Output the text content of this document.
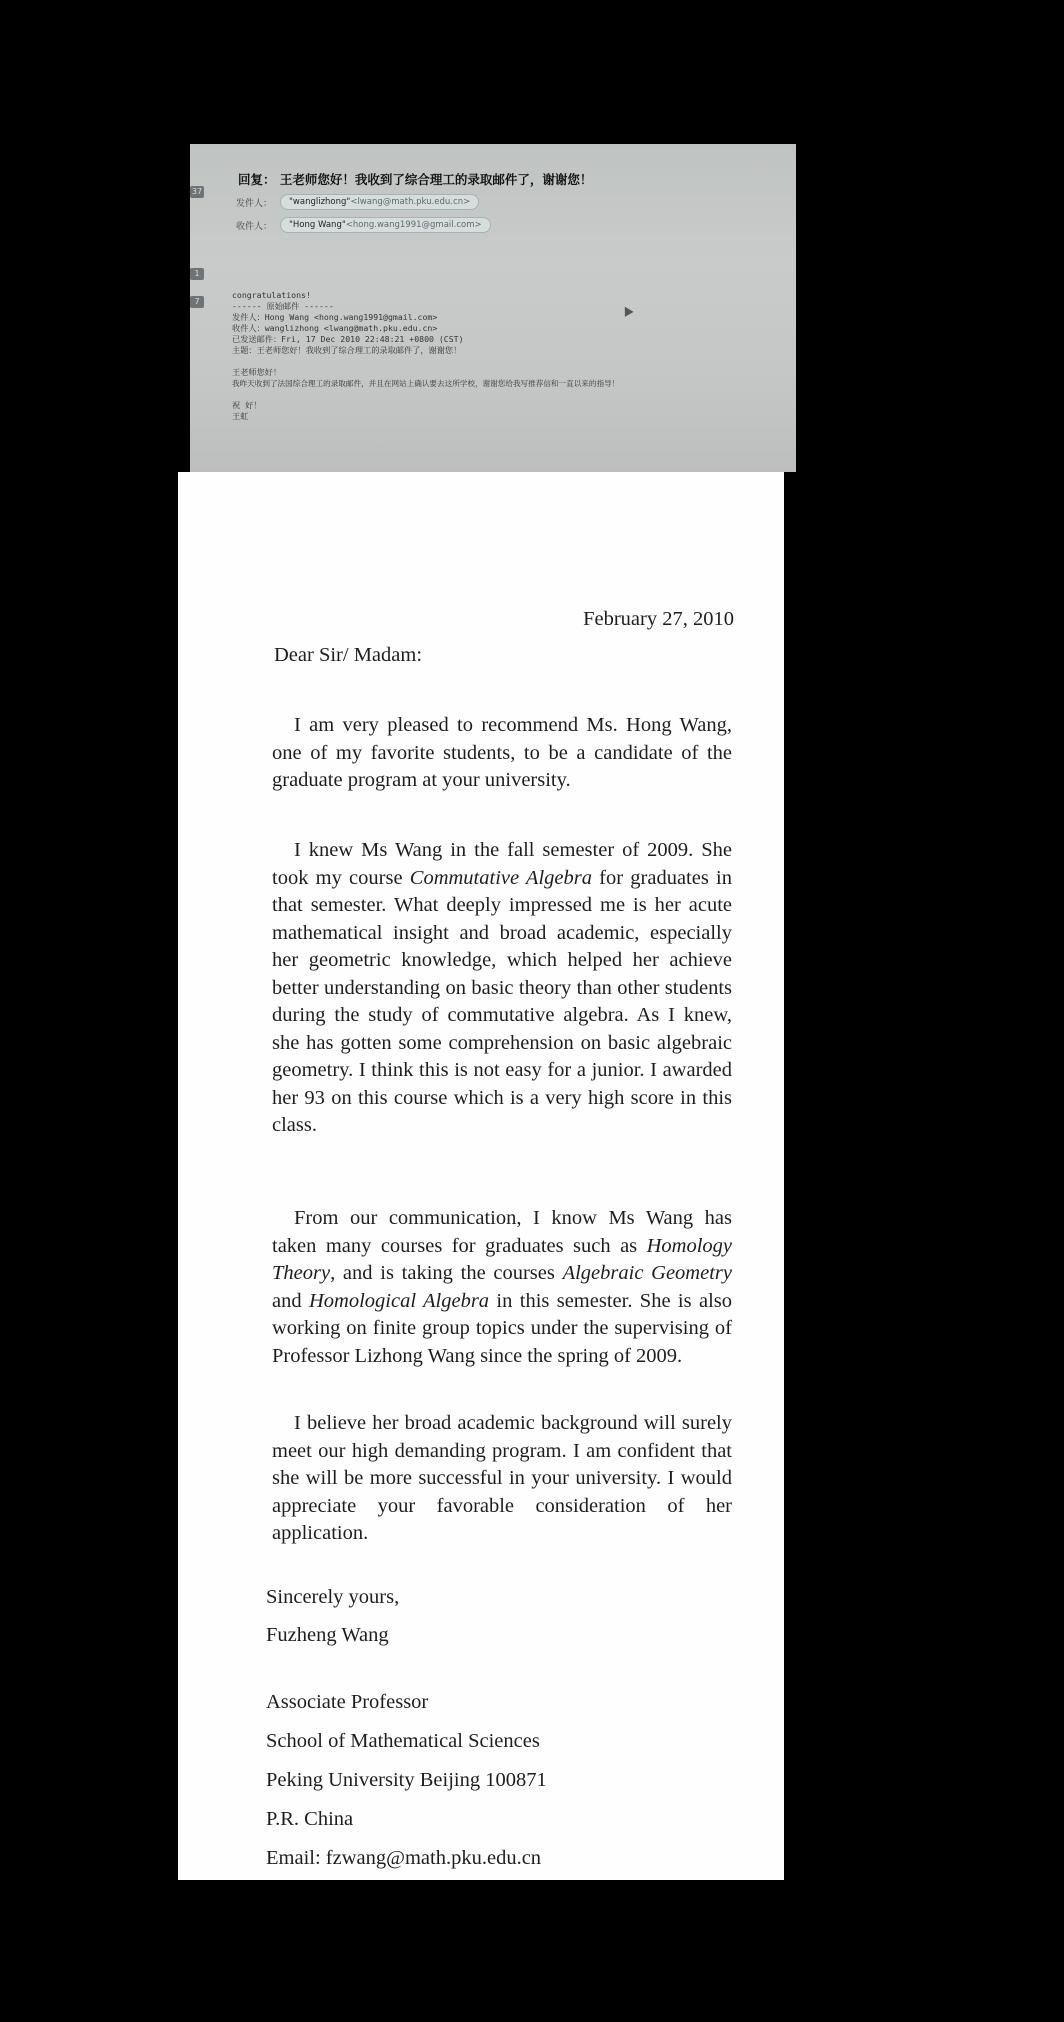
37
1
7
回复： 王老师您好！我收到了综合理工的录取邮件了，谢谢您！
发件人：	"wanglizhong"<lwang@math.pku.edu.cn>
收件人：	"Hong Wang"<hong.wang1991@gmail.com>
congratulations!
------ 原始邮件 ------
发件人：Hong Wang <hong.wang1991@gmail.com>
收件人：wanglizhong <lwang@math.pku.edu.cn>
已发送邮件：Fri, 17 Dec 2010 22:48:21 +0800 (CST)
主题：王老师您好！我收到了综合理工的录取邮件了，谢谢您！

王老师您好！
我昨天收到了法国综合理工的录取邮件，并且在网站上确认要去这所学校，谢谢您给我写推荐信和一直以来的指导！

祝 好！
王虹
February 27, 2010
Dear Sir/ Madam:
I am very pleased to recommend Ms. Hong Wang, one of my favorite students, to be a candidate of the graduate program at your university.
I knew Ms Wang in the fall semester of 2009. She took my course Commutative Algebra for graduates in that semester. What deeply impressed me is her acute mathematical insight and broad academic, especially her geometric knowledge, which helped her achieve better understanding on basic theory than other students during the study of commutative algebra. As I knew, she has gotten some comprehension on basic algebraic geometry. I think this is not easy for a junior. I awarded her 93 on this course which is a very high score in this class.
From our communication, I know Ms Wang has taken many courses for graduates such as Homology Theory, and is taking the courses Algebraic Geometry and Homological Algebra in this semester. She is also working on finite group topics under the supervising of Professor Lizhong Wang since the spring of 2009.
I believe her broad academic background will surely meet our high demanding program. I am confident that she will be more successful in your university. I would appreciate your favorable consideration of her application.
Sincerely yours,
Fuzheng Wang
Associate Professor
School of Mathematical Sciences
Peking University Beijing 100871
P.R. China
Email: fzwang@math.pku.edu.cn
